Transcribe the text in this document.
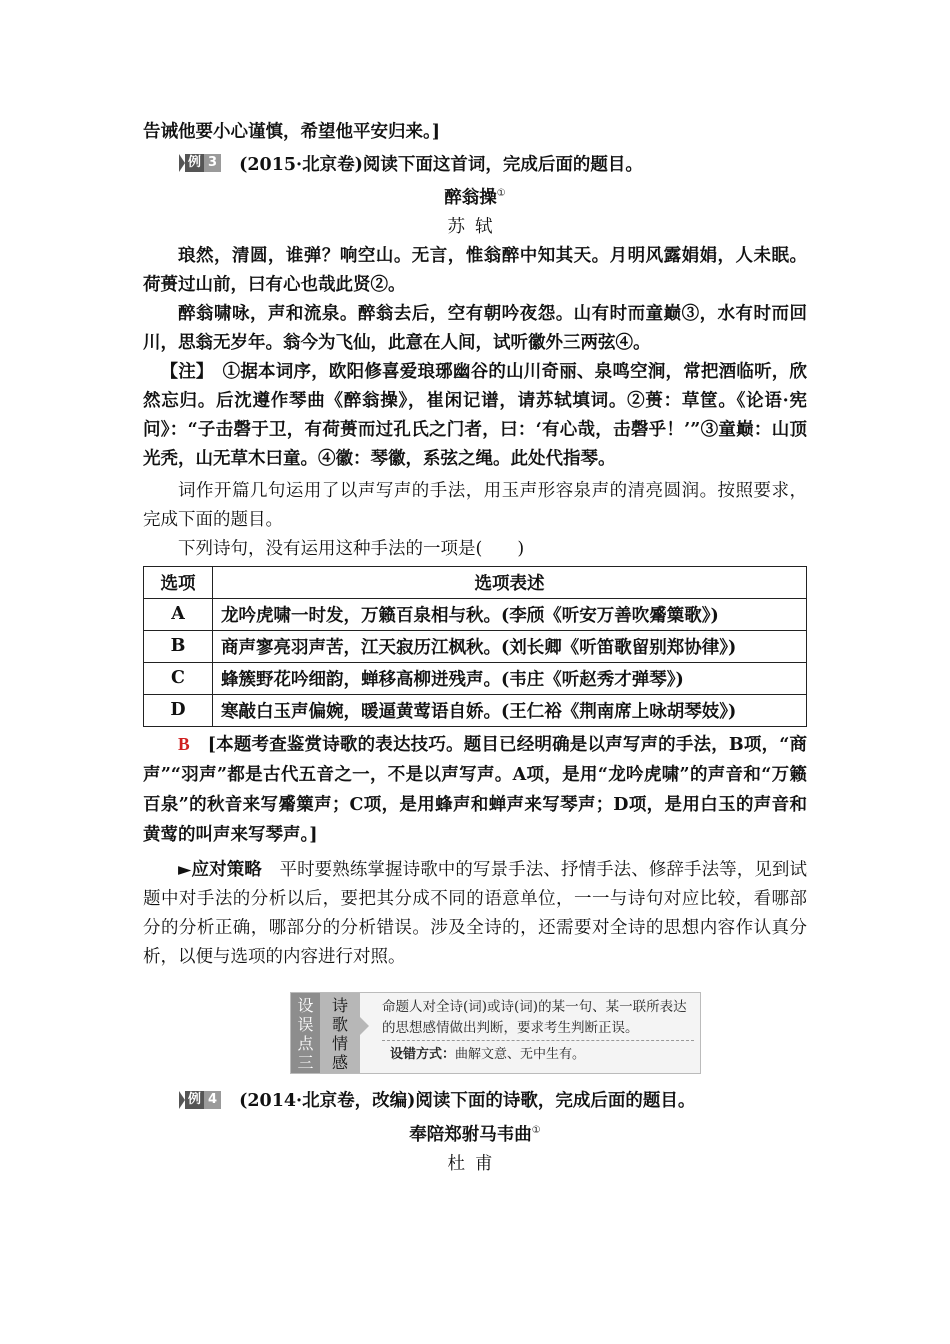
告诫他要小心谨慎，希望他平安归来。]

例 3 (2015·北京卷)阅读下面这首词，完成后面的题目。
醉翁操①
苏轼

琅然，清圆，谁弹？响空山。无言，惟翁醉中知其天。月明风露娟娟，人未眠。荷蒉过山前，曰有心也哉此贤②。

醉翁啸咏，声和流泉。醉翁去后，空有朝吟夜怨。山有时而童巅③，水有时而回川，思翁无岁年。翁今为飞仙，此意在人间，试听徽外三两弦④。

【注】　 ①据本词序，欧阳修喜爱琅琊幽谷的山川奇丽、泉鸣空涧，常把酒临听，欣然忘归。后沈遵作琴曲《醉翁操》，崔闲记谱，请苏轼填词。②蒉：草筐。《论语·宪问》：“子击磬于卫，有荷蒉而过孔氏之门者，曰：‘有心哉，击磬乎！’”③童巅：山顶光秃，山无草木曰童。④徽：琴徽，系弦之绳。此处代指琴。

词作开篇几句运用了以声写声的手法，用玉声形容泉声的清亮圆润。按照要求，完成下面的题目。

下列诗句，没有运用这种手法的一项是(　　)

选项	选项表述
A	龙吟虎啸一时发，万籁百泉相与秋。(李颀《听安万善吹觱篥歌》)
B	商声寥亮羽声苦，江天寂历江枫秋。(刘长卿《听笛歌留别郑协律》)
C	蜂簇野花吟细韵，蝉移高柳迸残声。(韦庄《听赵秀才弹琴》)
D	寒敲白玉声偏婉，暖逼黄莺语自娇。(王仁裕《荆南席上咏胡琴妓》)

B [本题考查鉴赏诗歌的表达技巧。题目已经明确是以声写声的手法，B项，“商声”“羽声”都是古代五音之一，不是以声写声。A项，是用“龙吟虎啸”的声音和“万籁百泉”的秋音来写觱篥声；C项，是用蜂声和蝉声来写琴声；D项，是用白玉的声音和黄莺的叫声来写琴声。]

►应对策略　 平时要熟练掌握诗歌中的写景手法、抒情手法、修辞手法等，见到试题中对手法的分析以后，要把其分成不同的语意单位，一一与诗句对应比较，看哪部分的分析正确，哪部分的分析错误。涉及全诗的，还需要对全诗的思想内容作认真分析，以便与选项的内容进行对照。

设误点三
诗歌情感
命题人对全诗(词)或诗(词)的某一句、某一联所表达的思想感情做出判断，要求考生判断正误。
设错方式：曲解文意、无中生有。
例 4 (2014·北京卷，改编)阅读下面的诗歌，完成后面的题目。
奉陪郑驸马韦曲①
杜甫
